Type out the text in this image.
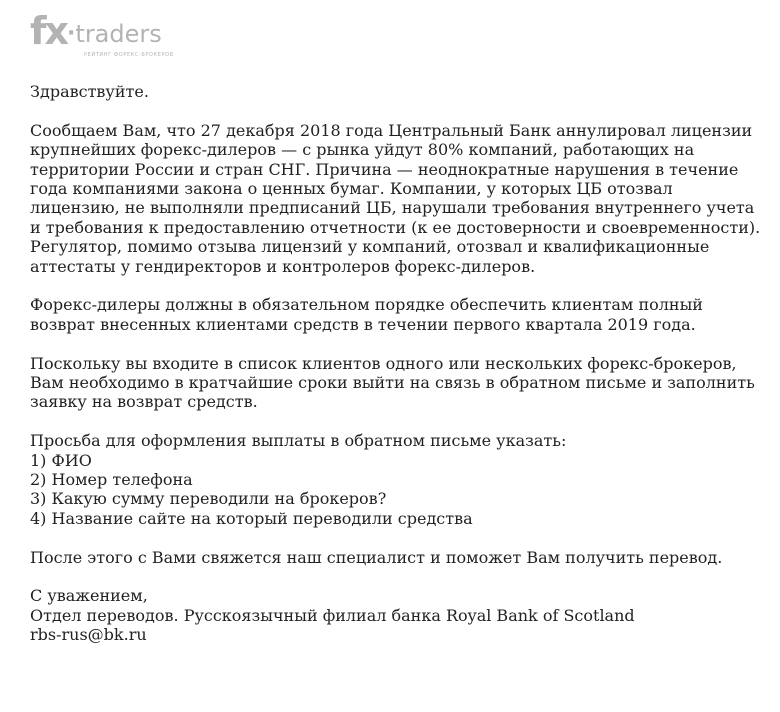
fx·traders
РЕЙТИНГ ФОРЕКС-БРОКЕРОВ

Здравствуйте.

Сообщаем Вам, что 27 декабря 2018 года Центральный Банк аннулировал лицензии
крупнейших форекс-дилеров — с рынка уйдут 80% компаний, работающих на
территории России и стран СНГ. Причина — неоднократные нарушения в течение
года компаниями закона о ценных бумаг. Компании, у которых ЦБ отозвал
лицензию, не выполняли предписаний ЦБ, нарушали требования внутреннего учета
и требования к предоставлению отчетности (к ее достоверности и своевременности).
Регулятор, помимо отзыва лицензий у компаний, отозвал и квалификационные
аттестаты у гендиректоров и контролеров форекс-дилеров.

Форекс-дилеры должны в обязательном порядке обеспечить клиентам полный
возврат внесенных клиентами средств в течении первого квартала 2019 года.

Поскольку вы входите в список клиентов одного или нескольких форекс-брокеров,
Вам необходимо в кратчайшие сроки выйти на связь в обратном письме и заполнить
заявку на возврат средств.

Просьба для оформления выплаты в обратном письме указать:
1) ФИО
2) Номер телефона
3) Какую сумму переводили на брокеров?
4) Название сайте на который переводили средства

После этого с Вами свяжется наш специалист и поможет Вам получить перевод.

С уважением,
Отдел переводов. Русскоязычный филиал банка Royal Bank of Scotland
rbs-rus@bk.ru
